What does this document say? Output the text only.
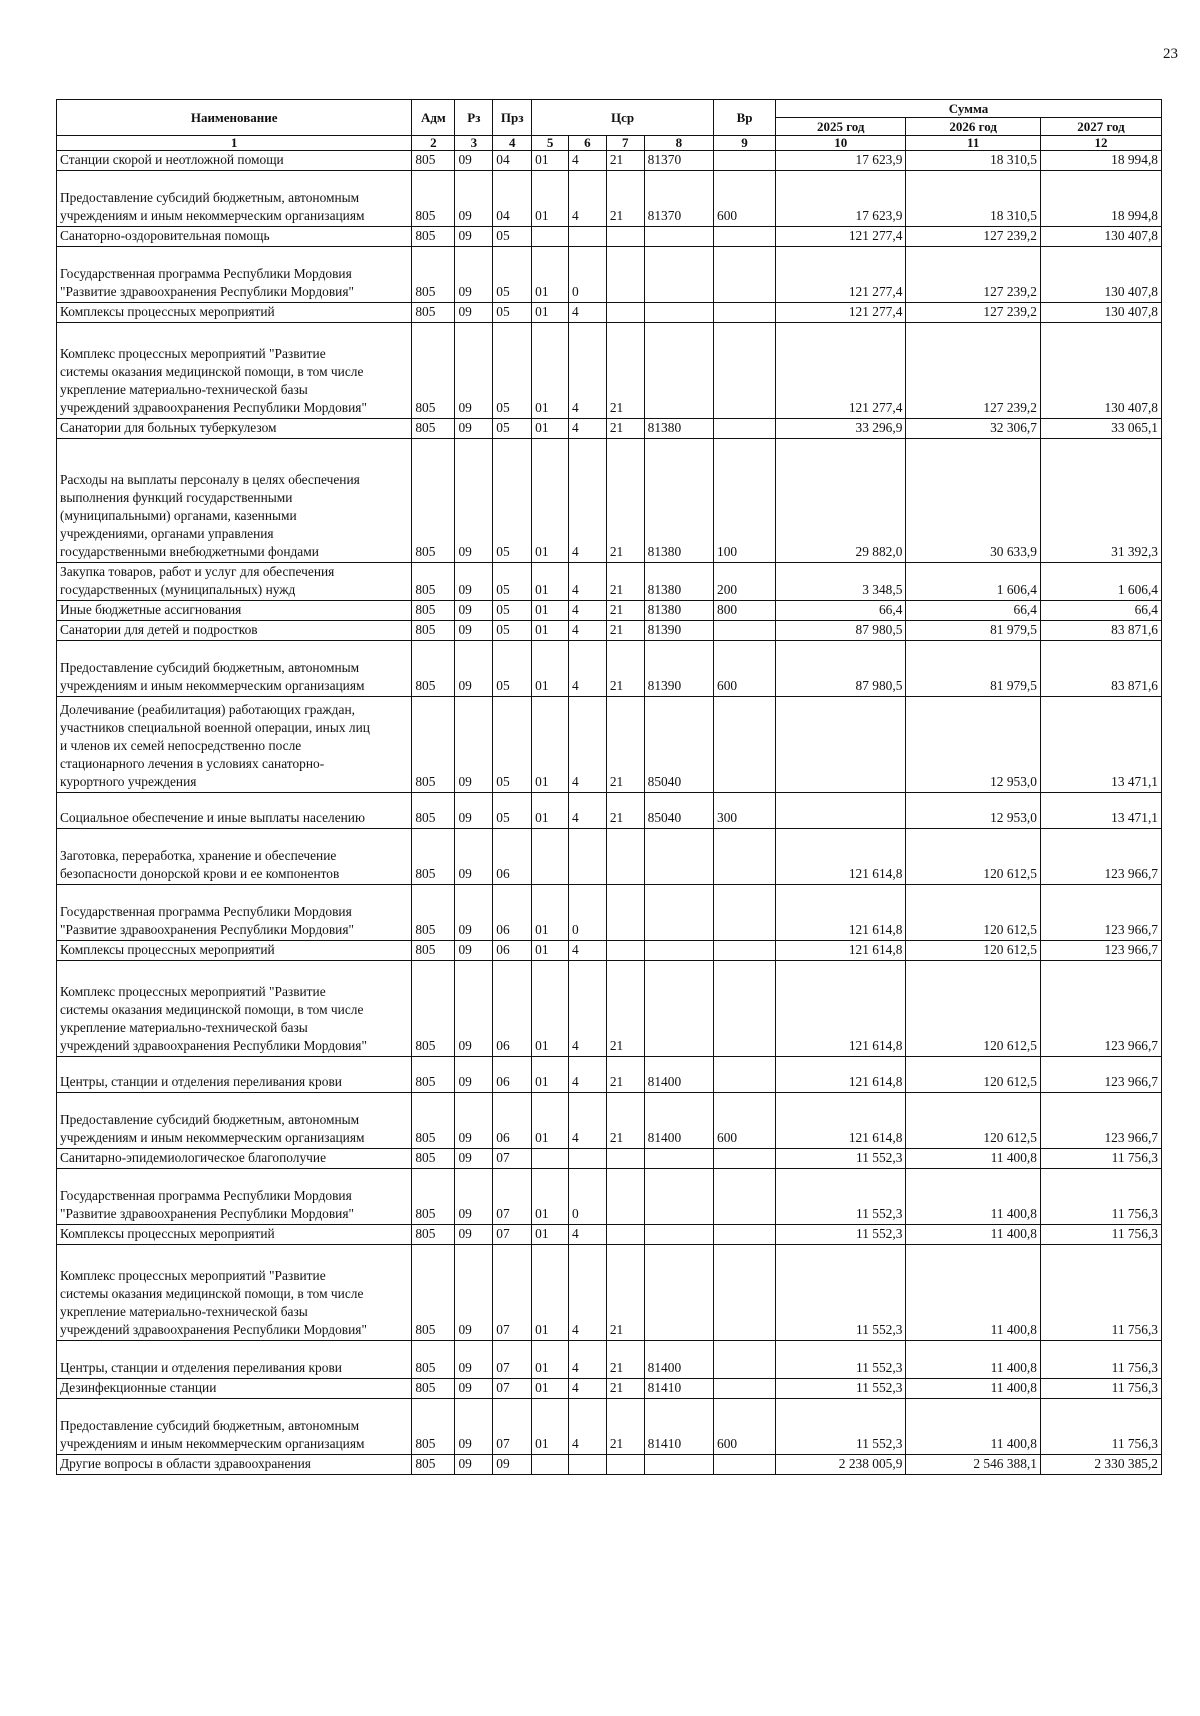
23
Наименование	Адм	Рз	Прз	Цср				Вр	Сумма		
									2025 год	2026 год	2027 год
1	2	3	4	5	6	7	8	9	10	11	12
Станции скорой и неотложной помощи	805	09	04	01	4	21	81370		17 623,9	18 310,5	18 994,8
Предоставление субсидий бюджетным, автономным
учреждениям и иным некоммерческим организациям	805	09	04	01	4	21	81370	600	17 623,9	18 310,5	18 994,8
Санаторно-оздоровительная помощь	805	09	05						121 277,4	127 239,2	130 407,8
Государственная программа Республики Мордовия
"Развитие здравоохранения Республики Мордовия"	805	09	05	01	0				121 277,4	127 239,2	130 407,8
Комплексы процессных мероприятий	805	09	05	01	4				121 277,4	127 239,2	130 407,8
Комплекс процессных мероприятий "Развитие
системы оказания медицинской помощи, в том числе
укрепление материально-технической базы
учреждений здравоохранения Республики Мордовия"	805	09	05	01	4	21			121 277,4	127 239,2	130 407,8
Санатории для больных туберкулезом	805	09	05	01	4	21	81380		33 296,9	32 306,7	33 065,1
Расходы на выплаты персоналу в целях обеспечения
выполнения функций государственными
(муниципальными) органами, казенными
учреждениями, органами управления
государственными внебюджетными фондами	805	09	05	01	4	21	81380	100	29 882,0	30 633,9	31 392,3
Закупка товаров, работ и услуг для обеспечения
государственных (муниципальных) нужд	805	09	05	01	4	21	81380	200	3 348,5	1 606,4	1 606,4
Иные бюджетные ассигнования	805	09	05	01	4	21	81380	800	66,4	66,4	66,4
Санатории для детей и подростков	805	09	05	01	4	21	81390		87 980,5	81 979,5	83 871,6
Предоставление субсидий бюджетным, автономным
учреждениям и иным некоммерческим организациям	805	09	05	01	4	21	81390	600	87 980,5	81 979,5	83 871,6
Долечивание (реабилитация) работающих граждан,
участников специальной военной операции, иных лиц
и членов их семей непосредственно после
стационарного лечения в условиях санаторно-
курортного учреждения	805	09	05	01	4	21	85040			12 953,0	13 471,1
Социальное обеспечение и иные выплаты населению	805	09	05	01	4	21	85040	300		12 953,0	13 471,1
Заготовка, переработка, хранение и обеспечение
безопасности донорской крови и ее компонентов	805	09	06						121 614,8	120 612,5	123 966,7
Государственная программа Республики Мордовия
"Развитие здравоохранения Республики Мордовия"	805	09	06	01	0				121 614,8	120 612,5	123 966,7
Комплексы процессных мероприятий	805	09	06	01	4				121 614,8	120 612,5	123 966,7
Комплекс процессных мероприятий "Развитие
системы оказания медицинской помощи, в том числе
укрепление материально-технической базы
учреждений здравоохранения Республики Мордовия"	805	09	06	01	4	21			121 614,8	120 612,5	123 966,7
Центры, станции и отделения переливания крови	805	09	06	01	4	21	81400		121 614,8	120 612,5	123 966,7
Предоставление субсидий бюджетным, автономным
учреждениям и иным некоммерческим организациям	805	09	06	01	4	21	81400	600	121 614,8	120 612,5	123 966,7
Санитарно-эпидемиологическое благополучие	805	09	07						11 552,3	11 400,8	11 756,3
Государственная программа Республики Мордовия
"Развитие здравоохранения Республики Мордовия"	805	09	07	01	0				11 552,3	11 400,8	11 756,3
Комплексы процессных мероприятий	805	09	07	01	4				11 552,3	11 400,8	11 756,3
Комплекс процессных мероприятий "Развитие
системы оказания медицинской помощи, в том числе
укрепление материально-технической базы
учреждений здравоохранения Республики Мордовия"	805	09	07	01	4	21			11 552,3	11 400,8	11 756,3
Центры, станции и отделения переливания крови	805	09	07	01	4	21	81400		11 552,3	11 400,8	11 756,3
Дезинфекционные станции	805	09	07	01	4	21	81410		11 552,3	11 400,8	11 756,3
Предоставление субсидий бюджетным, автономным
учреждениям и иным некоммерческим организациям	805	09	07	01	4	21	81410	600	11 552,3	11 400,8	11 756,3
Другие вопросы в области здравоохранения	805	09	09						2 238 005,9	2 546 388,1	2 330 385,2
